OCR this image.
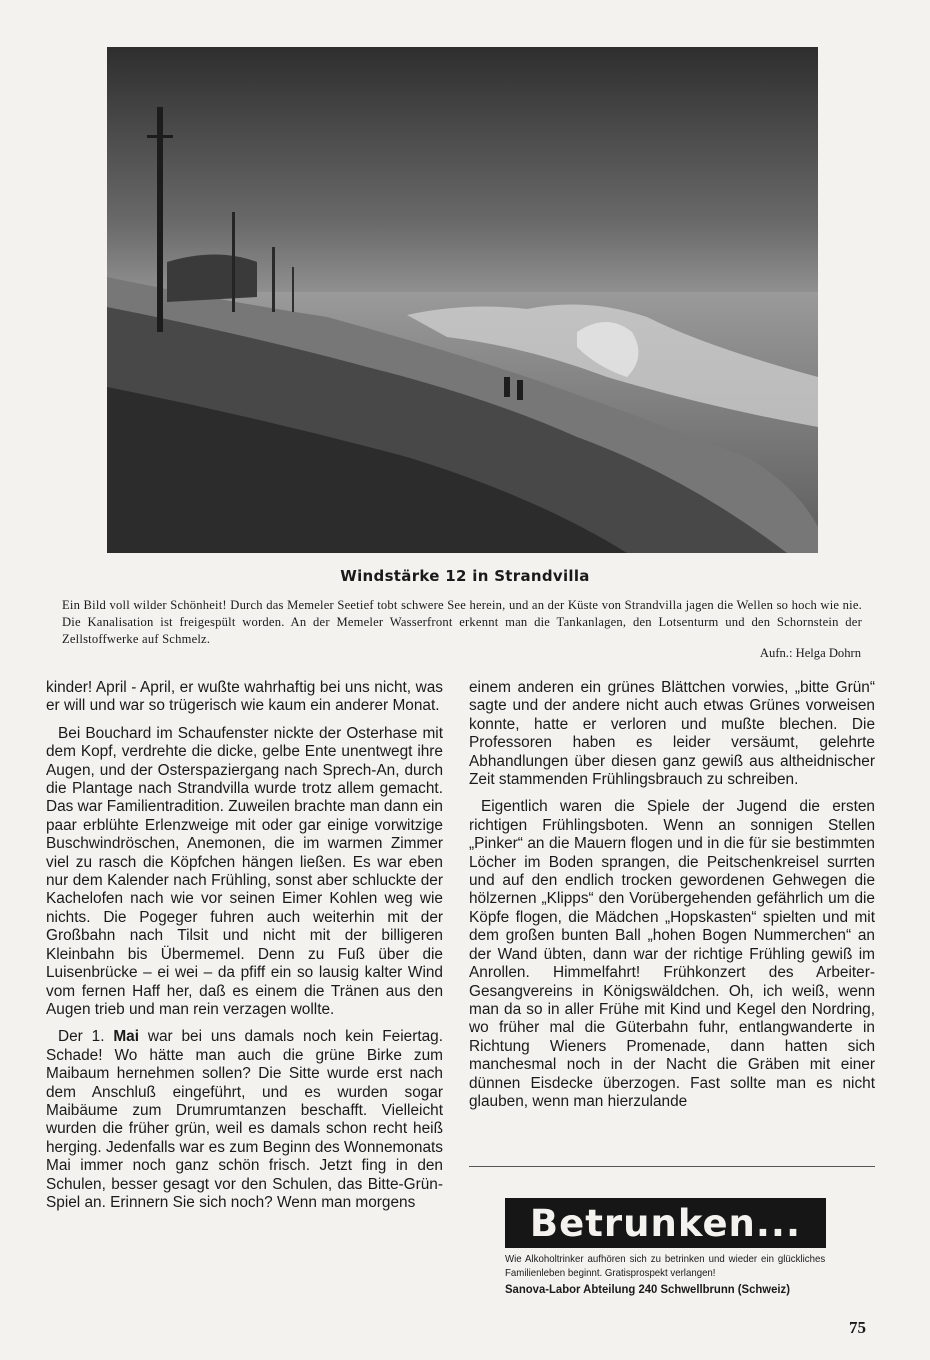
Windstärke 12 in Strandvilla
Ein Bild voll wilder Schönheit! Durch das Memeler Seetief tobt schwere See herein, und an der Küste von Strandvilla jagen die Wellen so hoch wie nie. Die Kanalisation ist freigespült worden. An der Memeler Wasserfront erkennt man die Tankanlagen, den Lotsenturm und den Schornstein der Zellstoffwerke auf Schmelz.
Aufn.: Helga Dohrn

kinder! April - April, er wußte wahrhaftig bei uns nicht, was er will und war so trügerisch wie kaum ein anderer Monat.

Bei Bouchard im Schaufenster nickte der Osterhase mit dem Kopf, verdrehte die dicke, gelbe Ente unentwegt ihre Augen, und der Osterspaziergang nach Sprech-An, durch die Plantage nach Strandvilla wurde trotz allem gemacht. Das war Familientradition. Zuweilen brachte man dann ein paar erblühte Erlenzweige mit oder gar einige vorwitzige Buschwindröschen, Anemonen, die im warmen Zimmer viel zu rasch die Köpfchen hängen ließen. Es war eben nur dem Kalender nach Frühling, sonst aber schluckte der Kachelofen nach wie vor seinen Eimer Kohlen weg wie nichts. Die Pogeger fuhren auch weiterhin mit der Großbahn nach Tilsit und nicht mit der billigeren Kleinbahn bis Übermemel. Denn zu Fuß über die Luisenbrücke – ei wei – da pfiff ein so lausig kalter Wind vom fernen Haff her, daß es einem die Tränen aus den Augen trieb und man rein verzagen wollte.

Der 1. Mai war bei uns damals noch kein Feiertag. Schade! Wo hätte man auch die grüne Birke zum Maibaum hernehmen sollen? Die Sitte wurde erst nach dem Anschluß eingeführt, und es wurden sogar Maibäume zum Drumrumtanzen beschafft. Vielleicht wurden die früher grün, weil es damals schon recht heiß herging. Jedenfalls war es zum Beginn des Wonnemonats Mai immer noch ganz schön frisch. Jetzt fing in den Schulen, besser gesagt vor den Schulen, das Bitte-Grün-Spiel an. Erinnern Sie sich noch? Wenn man morgens

einem anderen ein grünes Blättchen vorwies, „bitte Grün“ sagte und der andere nicht auch etwas Grünes vorweisen konnte, hatte er verloren und mußte blechen. Die Professoren haben es leider versäumt, gelehrte Abhandlungen über diesen ganz gewiß aus altheidnischer Zeit stammenden Frühlingsbrauch zu schreiben.

Eigentlich waren die Spiele der Jugend die ersten richtigen Frühlingsboten. Wenn an sonnigen Stellen „Pinker“ an die Mauern flogen und in die für sie bestimmten Löcher im Boden sprangen, die Peitschenkreisel surrten und auf den endlich trocken gewordenen Gehwegen die hölzernen „Klipps“ den Vorübergehenden gefährlich um die Köpfe flogen, die Mädchen „Hopskasten“ spielten und mit dem großen bunten Ball „hohen Bogen Nummerchen“ an der Wand übten, dann war der richtige Frühling gewiß im Anrollen. Himmelfahrt! Frühkonzert des Arbeiter-Gesangvereins in Königswäldchen. Oh, ich weiß, wenn man da so in aller Frühe mit Kind und Kegel den Nordring, wo früher mal die Güterbahn fuhr, entlangwanderte in Richtung Wieners Promenade, dann hatten sich manchesmal noch in der Nacht die Gräben mit einer dünnen Eisdecke überzogen. Fast sollte man es nicht glauben, wenn man hierzulande

Betrunken...
Wie Alkoholtrinker aufhören sich zu betrinken und wieder ein glückliches Familienleben beginnt. Gratisprospekt verlangen!
Sanova-Labor Abteilung 240 Schwellbrunn (Schweiz)
75
